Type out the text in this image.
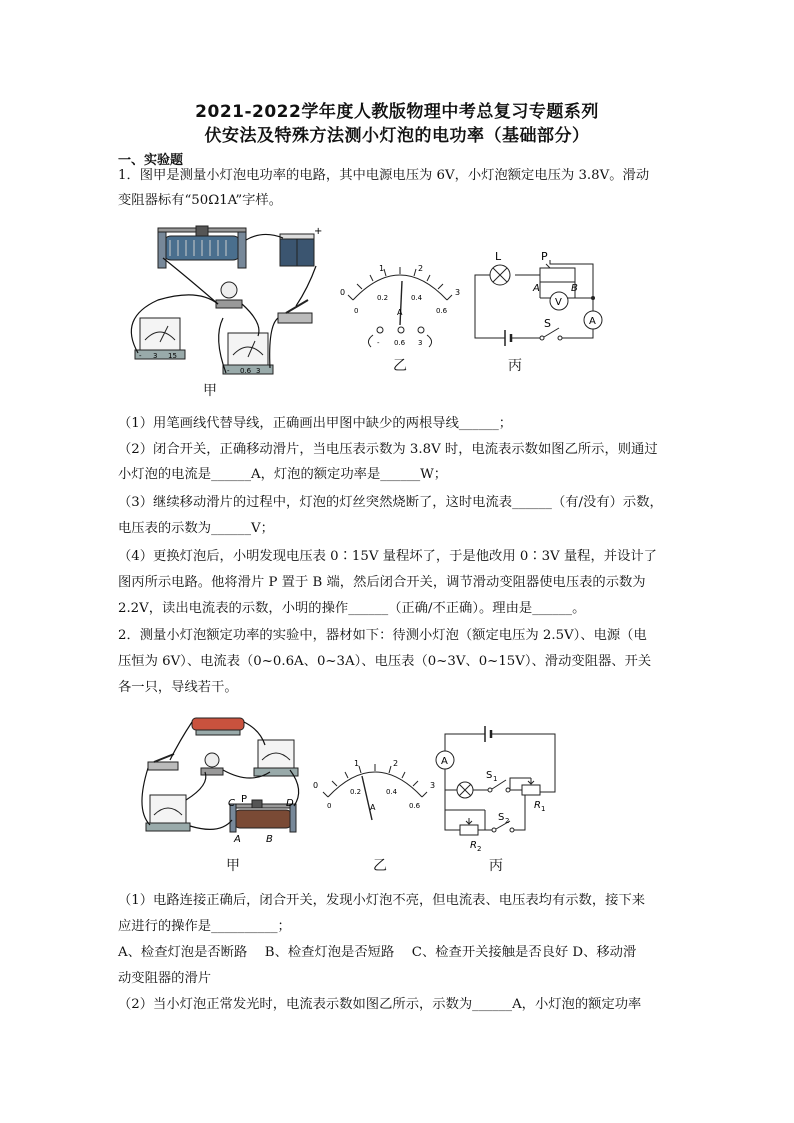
2021-2022学年度人教版物理中考总复习专题系列
伏安法及特殊方法测小灯泡的电功率（基础部分）
一、实验题
1．图甲是测量小灯泡电功率的电路，其中电源电压为 6V，小灯泡额定电压为 3.8V。滑动
变阻器标有“50Ω1A”字样。
+
- 3 15
- 0.6 3
甲
0
1	2
3
0
0.2	0.4
0.6
A
- 0.6 3
乙
L	P
A	B
V
A
S
丙
（1）用笔画线代替导线，正确画出甲图中缺少的两根导线______；
（2）闭合开关，正确移动滑片，当电压表示数为 3.8V 时，电流表示数如图乙所示，则通过
小灯泡的电流是______A，灯泡的额定功率是______W；
（3）继续移动滑片的过程中，灯泡的灯丝突然烧断了，这时电流表______（有/没有）示数，
电压表的示数为______V；
（4）更换灯泡后，小明发现电压表 0∶15V 量程坏了，于是他改用 0∶3V 量程，并设计了
图丙所示电路。他将滑片 P 置于 B 端，然后闭合开关，调节滑动变阻器使电压表的示数为
2.2V，读出电流表的示数，小明的操作______（正确/不正确）。理由是______。
2．测量小灯泡额定功率的实验中，器材如下：待测小灯泡（额定电压为 2.5V）、电源（电
压恒为 6V）、电流表（0~0.6A、0~3A）、电压表（0~3V、0~15V）、滑动变阻器、开关
各一只，导线若干。
C P	D
A	B
甲
0
1	2
3
0
0.2	0.4
0.6
A
乙
A
S 1
R 1
S 2
R 2
丙
（1）电路连接正确后，闭合开关，发现小灯泡不亮，但电流表、电压表均有示数，接下来
应进行的操作是__________；
A、检查灯泡是否断路　 B、检查灯泡是否短路　 C、检查开关接触是否良好 D、移动滑
动变阻器的滑片
（2）当小灯泡正常发光时，电流表示数如图乙所示，示数为______A，小灯泡的额定功率
